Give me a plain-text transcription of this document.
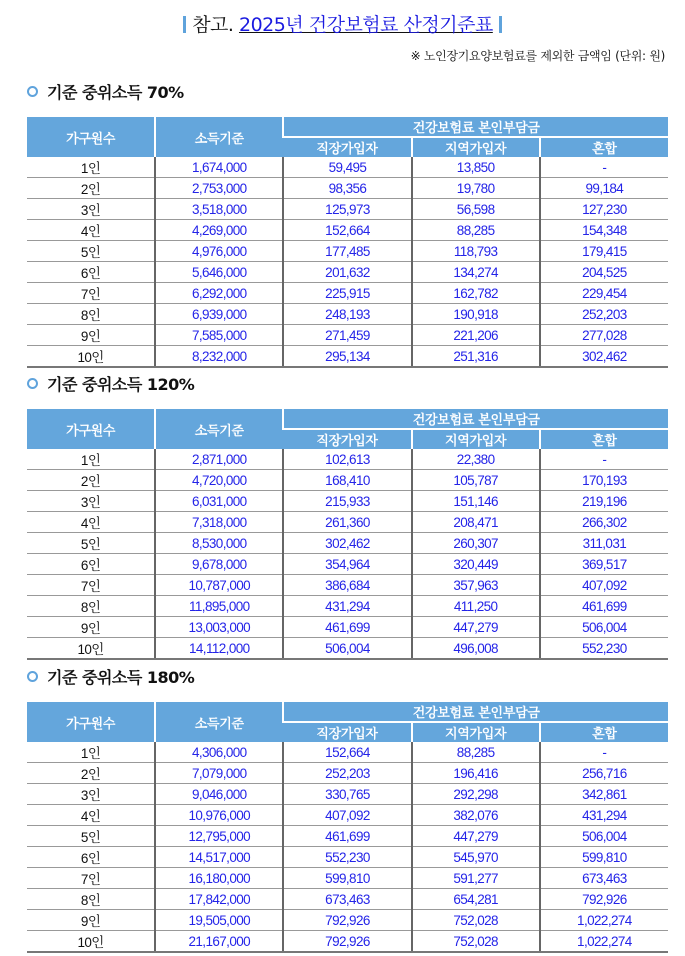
참고. 2025년 건강보험료 산정기준표
※ 노인장기요양보험료를 제외한 금액임 (단위: 원)
기준 중위소득 70%
가구원수	소득기준	건강보험료 본인부담금		
		직장가입자	지역가입자	혼합
1인	1,674,000	59,495	13,850	-
2인	2,753,000	98,356	19,780	99,184
3인	3,518,000	125,973	56,598	127,230
4인	4,269,000	152,664	88,285	154,348
5인	4,976,000	177,485	118,793	179,415
6인	5,646,000	201,632	134,274	204,525
7인	6,292,000	225,915	162,782	229,454
8인	6,939,000	248,193	190,918	252,203
9인	7,585,000	271,459	221,206	277,028
10인	8,232,000	295,134	251,316	302,462
기준 중위소득 120%
가구원수	소득기준	건강보험료 본인부담금		
		직장가입자	지역가입자	혼합
1인	2,871,000	102,613	22,380	-
2인	4,720,000	168,410	105,787	170,193
3인	6,031,000	215,933	151,146	219,196
4인	7,318,000	261,360	208,471	266,302
5인	8,530,000	302,462	260,307	311,031
6인	9,678,000	354,964	320,449	369,517
7인	10,787,000	386,684	357,963	407,092
8인	11,895,000	431,294	411,250	461,699
9인	13,003,000	461,699	447,279	506,004
10인	14,112,000	506,004	496,008	552,230
기준 중위소득 180%
가구원수	소득기준	건강보험료 본인부담금		
		직장가입자	지역가입자	혼합
1인	4,306,000	152,664	88,285	-
2인	7,079,000	252,203	196,416	256,716
3인	9,046,000	330,765	292,298	342,861
4인	10,976,000	407,092	382,076	431,294
5인	12,795,000	461,699	447,279	506,004
6인	14,517,000	552,230	545,970	599,810
7인	16,180,000	599,810	591,277	673,463
8인	17,842,000	673,463	654,281	792,926
9인	19,505,000	792,926	752,028	1,022,274
10인	21,167,000	792,926	752,028	1,022,274
